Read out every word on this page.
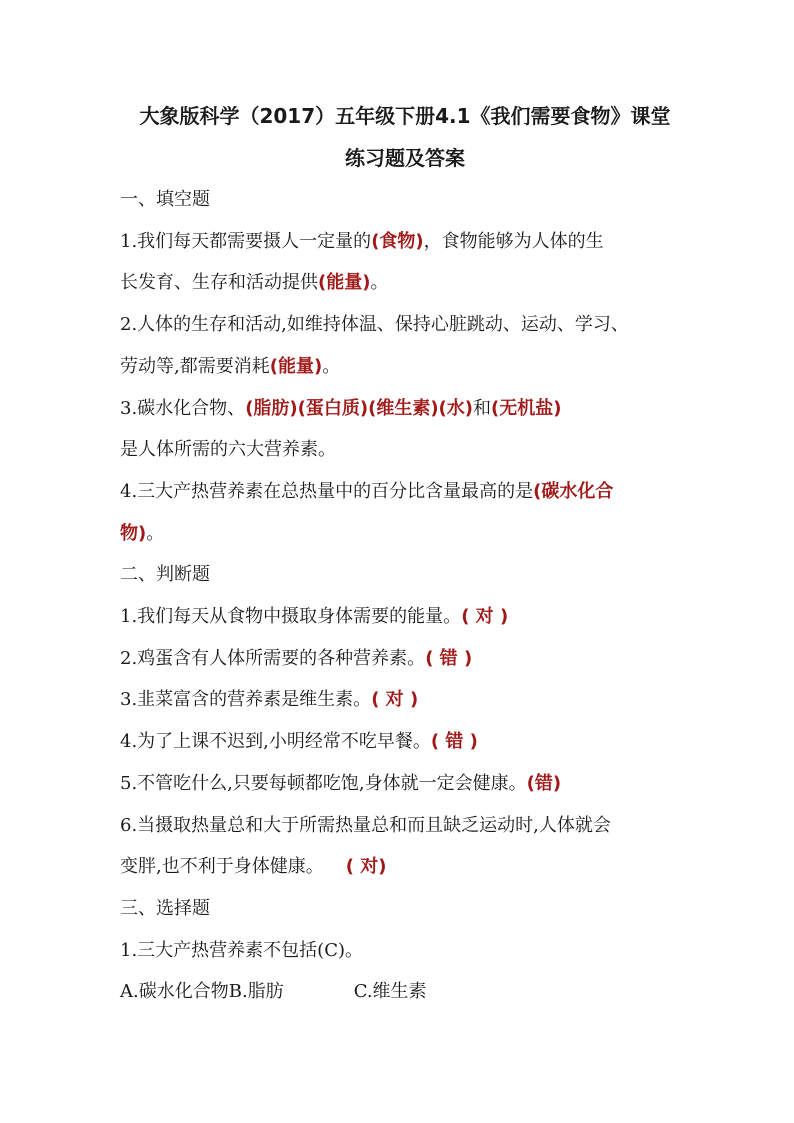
大象版科学（2017）五年级下册4.1《我们需要食物》课堂

练习题及答案

一、填空题

1.我们每天都需要摄人一定量的(食物)，食物能够为人体的生

长发育、生存和活动提供(能量)。

2.人体的生存和活动,如维持体温、保持心脏跳动、运动、学习、

劳动等,都需要消耗(能量)。

3.碳水化合物、(脂肪)(蛋白质)(维生素)(水)和(无机盐)

是人体所需的六大营养素。

4.三大产热营养素在总热量中的百分比含量最高的是(碳水化合

物)。

二、判断题

1.我们每天从食物中摄取身体需要的能量。( 对 )

2.鸡蛋含有人体所需要的各种营养素。( 错 )

3.韭菜富含的营养素是维生素。( 对 )

4.为了上课不迟到,小明经常不吃早餐。( 错 )

5.不管吃什么,只要每顿都吃饱,身体就一定会健康。(错)

6.当摄取热量总和大于所需热量总和而且缺乏运动时,人体就会

变胖,也不利于身体健康。 ( 对)

三、选择题

1.三大产热营养素不包括(C)。

A.碳水化合物B.脂肪	C.维生素
